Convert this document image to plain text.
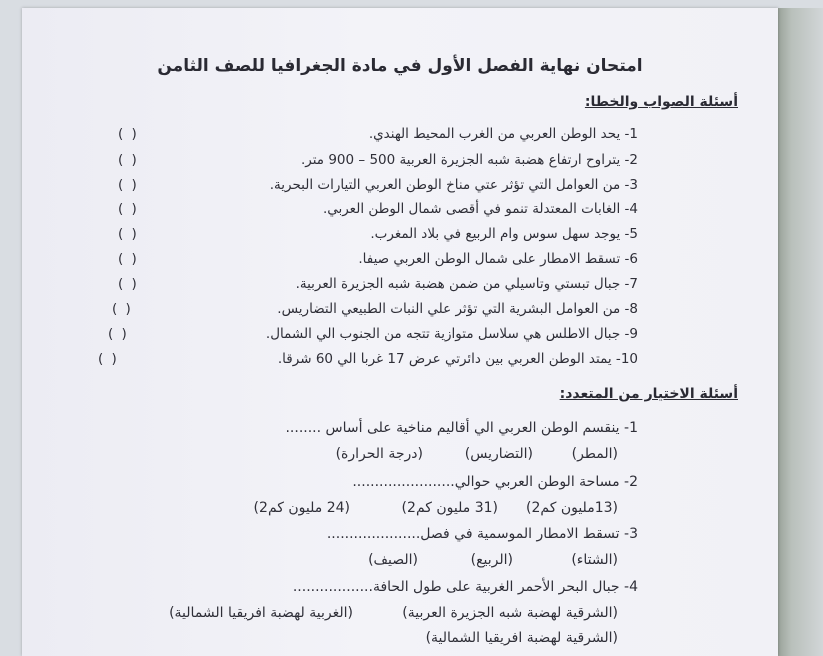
امتحان نهاية الفصل الأول في مادة الجغرافيا للصف الثامن
أسئلة الصواب والخطا:
( )	1- يحد الوطن العربي من الغرب المحيط الهندي.
( )	2- يتراوح ارتفاع هضبة شبه الجزيرة العربية 500 – 900 متر.
( )	3- من العوامل التي تؤثر عتي مناخ الوطن العربي التيارات البحرية.
( )	4- الغابات المعتدلة تنمو في أقصى شمال الوطن العربي.
( )	5- يوجد سهل سوس وام الربيع في بلاد المغرب.
( )	6- تسقط الامطار على شمال الوطن العربي صيفا.
( )	7- جبال تبستي وتاسيلي من ضمن هضبة شبه الجزيرة العربية.
( )	8- من العوامل البشرية التي تؤثر علي النبات الطبيعي التضاريس.
( )	9- جبال الاطلس هي سلاسل متوازية تتجه من الجنوب الي الشمال.
( )	10- يمتد الوطن العربي بين دائرتي عرض 17 غربا الي 60 شرقا.
أسئلة الاختيار من المتعدد:
1- ينقسم الوطن العربي الي أقاليم مناخية على أساس ........
(المطر)
(التضاريس)
(درجة الحرارة)
2- مساحة الوطن العربي حوالي.......................
(13مليون كم2)
(31 مليون كم2)
(24 مليون كم2)
3- تسقط الامطار الموسمية في فصل.....................
(الشتاء)
(الربيع)
(الصيف)
4- جبال البحر الأحمر الغربية على طول الحافة..................
(الشرقية لهضبة شبه الجزيرة العربية)
(الغربية لهضبة افريقيا الشمالية)
(الشرقية لهضبة افريقيا الشمالية)
